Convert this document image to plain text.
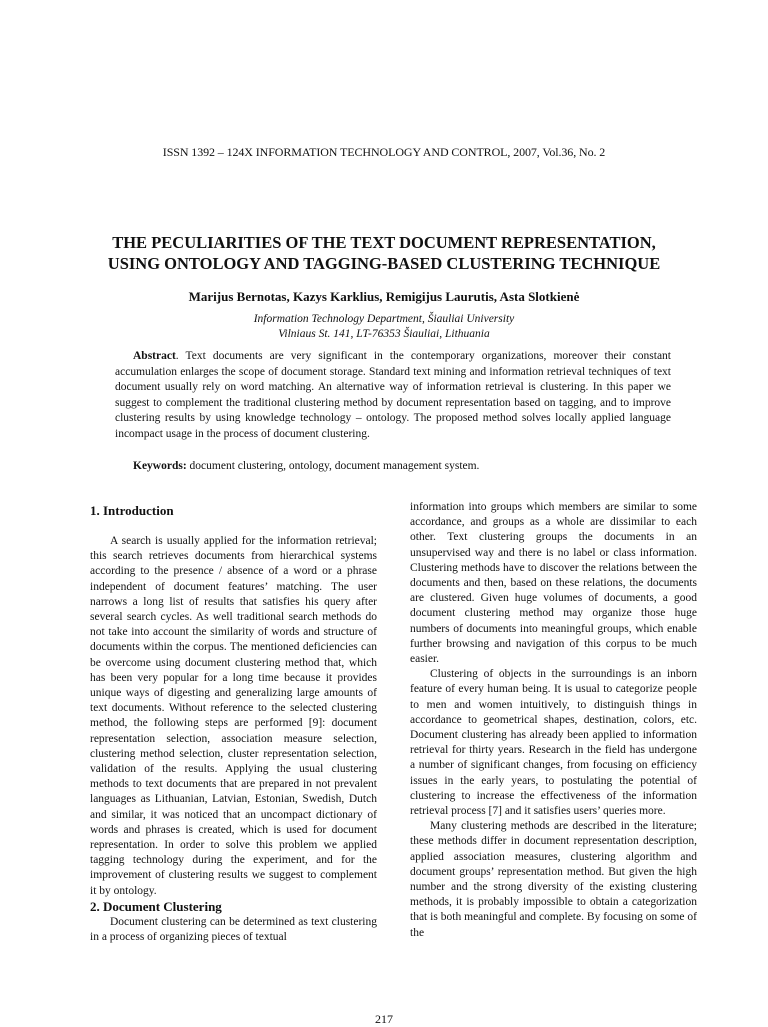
ISSN 1392 – 124X INFORMATION TECHNOLOGY AND CONTROL, 2007, Vol.36, No. 2
THE PECULIARITIES OF THE TEXT DOCUMENT REPRESENTATION,
USING ONTOLOGY AND TAGGING-BASED CLUSTERING TECHNIQUE
Marijus Bernotas, Kazys Karklius, Remigijus Laurutis, Asta Slotkienė
Information Technology Department, Šiauliai University
Vilniaus St. 141, LT-76353 Šiauliai, Lithuania
Abstract. Text documents are very significant in the contemporary organizations, moreover their constant accumulation enlarges the scope of document storage. Standard text mining and information retrieval techniques of text document usually rely on word matching. An alternative way of information retrieval is clustering. In this paper we suggest to complement the traditional clustering method by document representation based on tagging, and to improve clustering results by using knowledge technology – ontology. The proposed method solves locally applied language incompact usage in the process of document clustering.
Keywords: document clustering, ontology, document management system.
1. Introduction

A search is usually applied for the information retrieval; this search retrieves documents from hierarchical systems according to the presence / absence of a word or a phrase independent of document features’ matching. The user narrows a long list of results that satisfies his query after several search cycles. As well traditional search methods do not take into account the similarity of words and structure of documents within the corpus. The mentioned deficiencies can be overcome using document clustering method that, which has been very popular for a long time because it provides unique ways of digesting and generalizing large amounts of text documents. Without reference to the selected clustering method, the following steps are performed [9]: document representation selection, association measure selection, clustering method selection, cluster representation selection, validation of the results. Applying the usual clustering methods to text documents that are prepared in not prevalent languages as Lithuanian, Latvian, Estonian, Swedish, Dutch and similar, it was noticed that an uncompact dictionary of words and phrases is created, which is used for document representation. In order to solve this problem we applied tagging technology during the experiment, and for the improvement of clustering results we suggest to complement it by ontology.

2. Document Clustering

Document clustering can be determined as text clustering in a process of organizing pieces of textual

information into groups which members are similar to some accordance, and groups as a whole are dissimilar to each other. Text clustering groups the documents in an unsupervised way and there is no label or class information. Clustering methods have to discover the relations between the documents and then, based on these relations, the documents are clustered. Given huge volumes of documents, a good document clustering method may organize those huge numbers of documents into meaningful groups, which enable further browsing and navigation of this corpus to be much easier.

Clustering of objects in the surroundings is an inborn feature of every human being. It is usual to categorize people to men and women intuitively, to distinguish things in accordance to geometrical shapes, destination, colors, etc. Document clustering has already been applied to information retrieval for thirty years. Research in the field has undergone a number of significant changes, from focusing on efficiency issues in the early years, to postulating the potential of clustering to increase the effectiveness of the information retrieval process [7] and it satisfies users’ queries more.

Many clustering methods are described in the literature; these methods differ in document representation description, applied association measures, clustering algorithm and document groups’ representation method. But given the high number and the strong diversity of the existing clustering methods, it is probably impossible to obtain a categorization that is both meaningful and complete. By focusing on some of the

217
